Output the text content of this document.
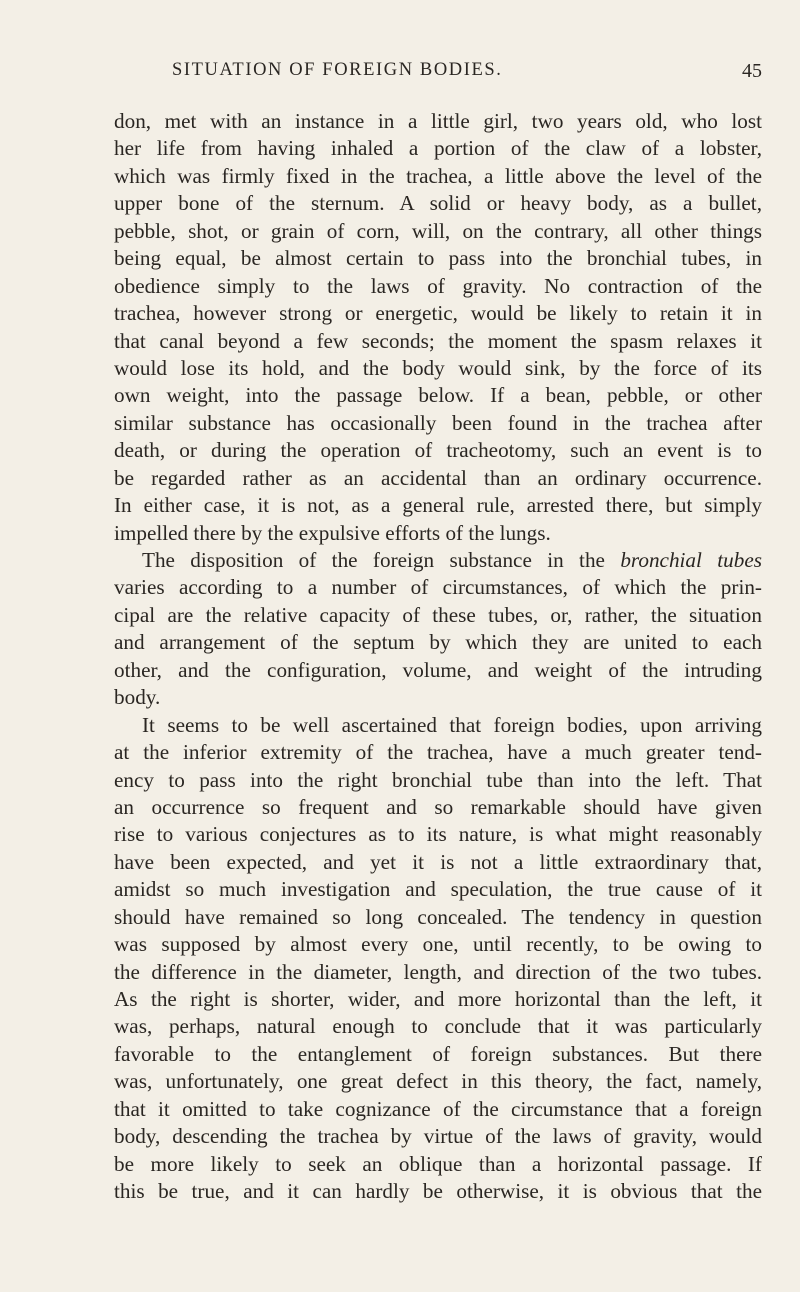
SITUATION OF FOREIGN BODIES.	45
don, met with an instance in a little girl, two years old, who lost
her life from having inhaled a portion of the claw of a lobster,
which was firmly fixed in the trachea, a little above the level of the
upper bone of the sternum. A solid or heavy body, as a bullet,
pebble, shot, or grain of corn, will, on the contrary, all other things
being equal, be almost certain to pass into the bronchial tubes, in
obedience simply to the laws of gravity. No contraction of the
trachea, however strong or energetic, would be likely to retain it in
that canal beyond a few seconds; the moment the spasm relaxes it
would lose its hold, and the body would sink, by the force of its
own weight, into the passage below. If a bean, pebble, or other
similar substance has occasionally been found in the trachea after
death, or during the operation of tracheotomy, such an event is to
be regarded rather as an accidental than an ordinary occurrence.
In either case, it is not, as a general rule, arrested there, but simply
impelled there by the expulsive efforts of the lungs.
The disposition of the foreign substance in the bronchial tubes
varies according to a number of circumstances, of which the prin-
cipal are the relative capacity of these tubes, or, rather, the situation
and arrangement of the septum by which they are united to each
other, and the configuration, volume, and weight of the intruding
body.
It seems to be well ascertained that foreign bodies, upon arriving
at the inferior extremity of the trachea, have a much greater tend-
ency to pass into the right bronchial tube than into the left. That
an occurrence so frequent and so remarkable should have given
rise to various conjectures as to its nature, is what might reasonably
have been expected, and yet it is not a little extraordinary that,
amidst so much investigation and speculation, the true cause of it
should have remained so long concealed. The tendency in question
was supposed by almost every one, until recently, to be owing to
the difference in the diameter, length, and direction of the two tubes.
As the right is shorter, wider, and more horizontal than the left, it
was, perhaps, natural enough to conclude that it was particularly
favorable to the entanglement of foreign substances. But there
was, unfortunately, one great defect in this theory, the fact, namely,
that it omitted to take cognizance of the circumstance that a foreign
body, descending the trachea by virtue of the laws of gravity, would
be more likely to seek an oblique than a horizontal passage. If
this be true, and it can hardly be otherwise, it is obvious that the
